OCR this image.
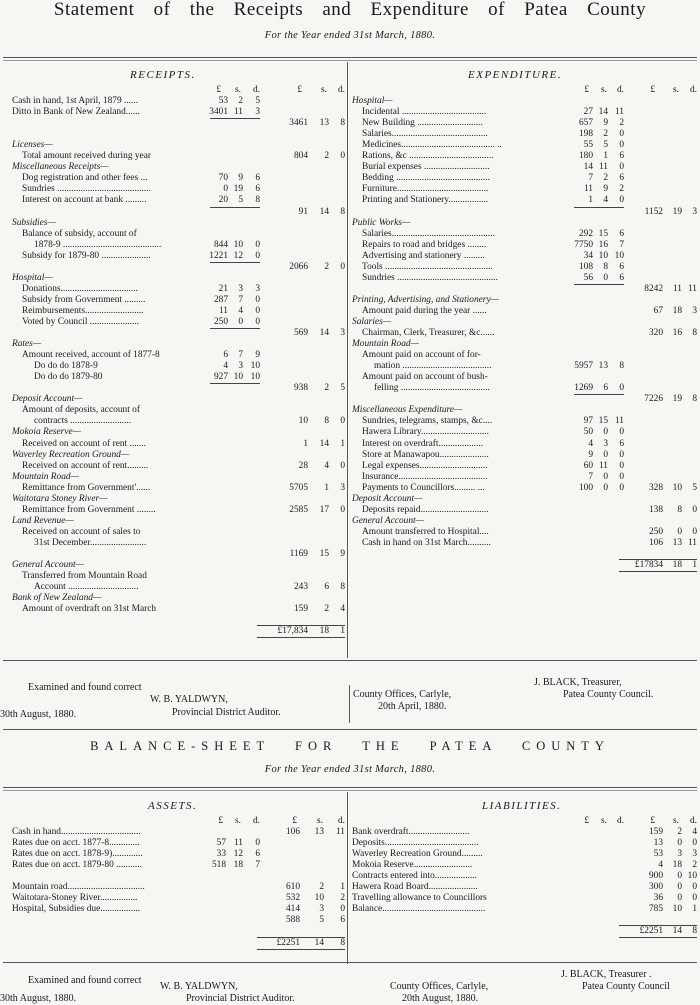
Statement of the Receipts and Expenditure of Patea County
For the Year ended 31st March, 1880.
RECEIPTS.
£ s. d.	£ s. d.
Cash in hand, 1st April, 1879 ......	53 2 5
Ditto in Bank of New Zealand......	3401 11 3
3461 13 8
Licenses—
Total amount received during year	804 2 0
Miscellaneous Receipts—
Dog registration and other fees ...	70 9 6
Sundries ........................................	0 19 6
Interest on account at bank .........	20 5 8
91 14 8
Subsidies—
Balance of subsidy, account of
1878-9 ..........................................	844 10 0
Subsidy for 1879-80 .....................	1221 12 0
2066 2 0
Hospital—
Donations.................................	21 3 3
Subsidy from Government .........	287 7 0
Reimbursements.........................	11 4 0
Voted by Council .....................	250 0 0
569 14 3
Rates—
Amount received, account of 1877-8	6 7 9
Do do do 1878-9	4 3 10
Do do do 1879-80	927 10 10
938 2 5
Deposit Account—
Amount of deposits, account of
contracts ..........................	10 8 0
Mokoia Reserve—
Received on account of rent .......	1 14 1
Waverley Recreation Ground—
Received on account of rent.........	28 4 0
Mountain Road—
Remittance from Government'......	5705 1 3
Waitotara Stoney River—
Remittance from Government ........	2585 17 0
Land Revenue—
Received on account of sales to
31st December........................
1169 15 9
General Account—
Transferred from Mountain Road
Account ..............................	243 6 8
Bank of New Zealand—
Amount of overdraft on 31st March	159 2 4
£17,834 18 1
EXPENDITURE.
£ s. d.	£ s. d.
Hospital—
Incidental ....................................	27 14 11
New Building ............................	657 9 2
Salaries.........................................	198 2 0
Medicines........................................ ..	55 5 0
Rations, &c ....................................	180 1 6
Burial expenses ............................	14 11 0
Bedding ........................................	7 2 6
Furniture.......................................	11 9 2
Printing and Stationery.................	1 4 0
1152 19 3
Public Works—
Salaries............................................	292 15 6
Repairs to road and bridges ........	7750 16 7
Advertising and stationery .........	34 10 10
Tools ..............................................	108 8 6
Sundries ...........................................	56 0 6
8242 11 11
Printing, Advertising, and Stationery—
Amount paid during the year ......	67 18 3
Salaries—
Chairman, Clerk, Treasurer, &c......	320 16 8
Mountain Road—
Amount paid on account of for-
mation ......................................	5957 13 8
Amount paid on account of bush-
felling ......................................	1269 6 0
7226 19 8
Miscellaneous Expenditure—
Sundries, telegrams, stamps, &c....	97 15 11
Hawera Library.............................	50 0 0
Interest on overdraft...................	4 3 6
Store at Manawapou.....................	9 0 0
Legal expenses.............................	60 11 0
Insurance......................................	7 0 0
Payments to Councillors......... ...	100 0 0	328 10 5
Deposit Account—
Deposits repaid.............................	138 8 0
General Account—
Amount transferred to Hospital....	250 0 0
Cash in hand on 31st March..........	106 13 11
£17834 18 1
Examined and found correct
W. B. YALDWYN,
Provincial District Auditor.
30th August, 1880.
County Offices, Carlyle,
20th April, 1880.
J. BLACK, Treasurer,
Patea County Council.
BALANCE-SHEET FOR THE PATEA COUNTY
For the Year ended 31st March, 1880.
ASSETS.
£ s. d.	£ s. d.
Cash in hand..................................	106 13 11
Rates due on acct. 1877-8.............	57 11 0
Rates due on acct. 1878-9).............	33 12 6
Rates due on acct. 1879-80 ...........	518 18 7
Mountain road.................................	610 2 1
Waitotara-Stoney River................	532 10 2
Hospital, Subsidies due.................	414 3 0
588 5 6
£2251 14 8
LIABILITIES.
£ s. d.	£ s. d.
Bank overdraft..........................	159 2 4
Deposits........................................	13 0 0
Waverley Recreation Ground.........	53 3 3
Mokoia Reserve.........................	4 18 2
Contracts entered into..................	900 0 10
Hawera Road Board.....................	300 0 0
Travelling allowance to Councillors	36 0 0
Balance............................................	785 10 1
£2251 14 8
Examined and found correct
W. B. YALDWYN,
Provincial District Auditor.
30th August, 1880.
County Offices, Carlyle,
20th August, 1880.
J. BLACK, Treasurer .
Patea County Council
